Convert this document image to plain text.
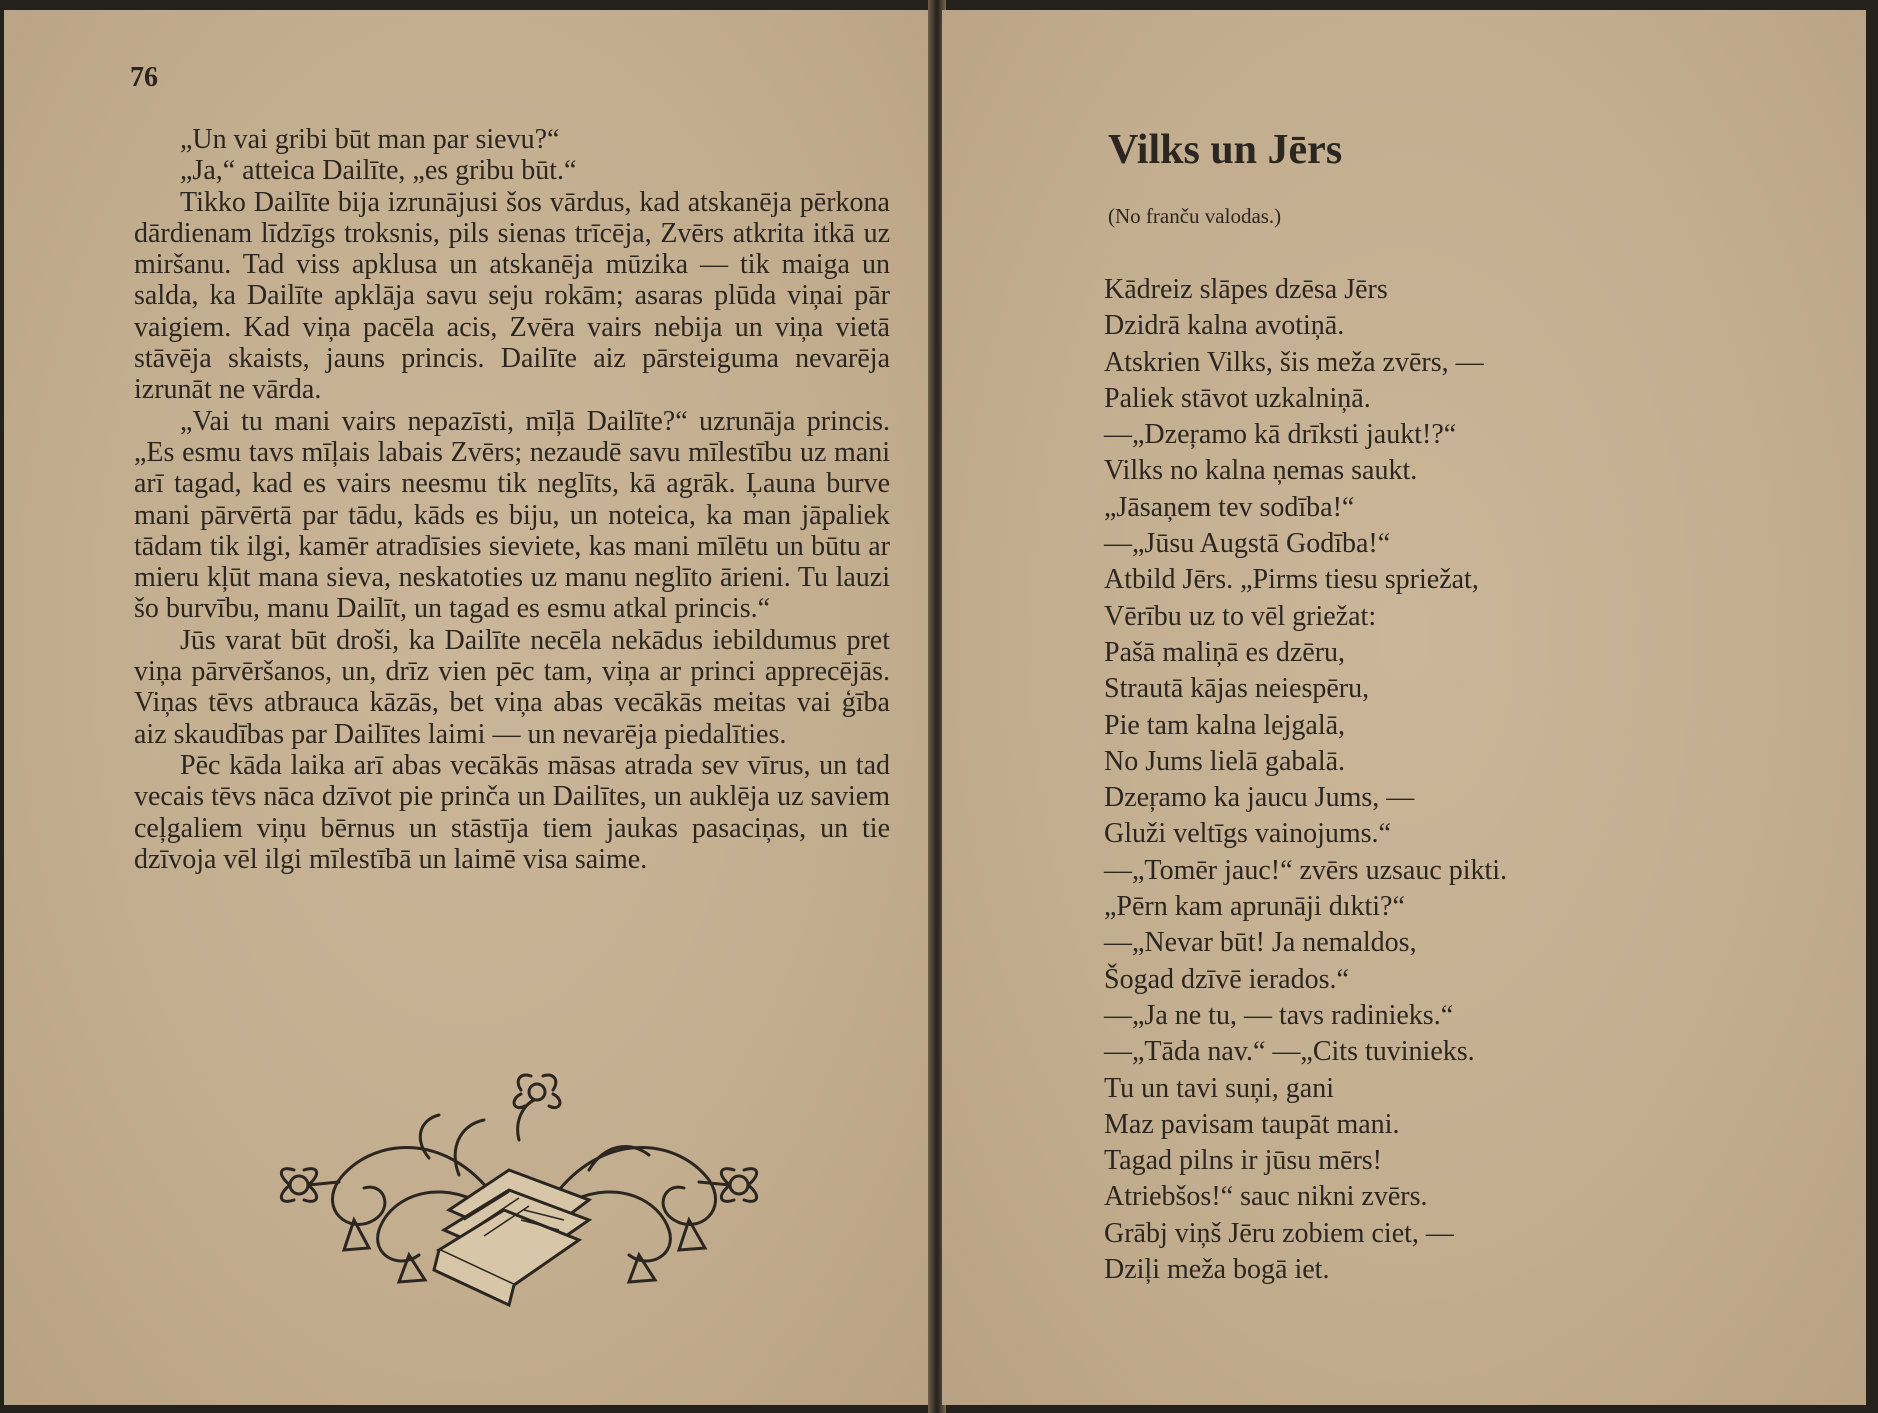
76

„Un vai gribi būt man par sievu?“

„Ja,“ atteica Dailīte, „es gribu būt.“

Tikko Dailīte bija izrunājusi šos vārdus, kad atskanēja pērkona dārdienam līdzīgs troksnis, pils sienas trīcēja, Zvērs atkrita itkā uz miršanu. Tad viss apklusa un atskanēja mūzika — tik maiga un salda, ka Dailīte apklāja savu seju rokām; asaras plūda viņai pār vaigiem. Kad viņa pacēla acis, Zvēra vairs nebija un viņa vietā stāvēja skaists, jauns princis. Dailīte aiz pārsteiguma nevarēja izrunāt ne vārda.

„Vai tu mani vairs nepazīsti, mīļā Dailīte?“ uzrunāja princis. „Es esmu tavs mīļais labais Zvērs; nezaudē savu mīlestību uz mani arī tagad, kad es vairs neesmu tik neglīts, kā agrāk. Ļauna burve mani pārvērtā par tādu, kāds es biju, un noteica, ka man jāpaliek tādam tik ilgi, kamēr atradīsies sieviete, kas mani mīlētu un būtu ar mieru kļūt mana sieva, neskatoties uz manu neglīto ārieni. Tu lauzi šo burvību, manu Dailīt, un tagad es esmu atkal princis.“

Jūs varat būt droši, ka Dailīte necēla nekādus iebildumus pret viņa pārvēršanos, un, drīz vien pēc tam, viņa ar princi apprecējās. Viņas tēvs atbrauca kāzās, bet viņa abas vecākās meitas vai ģība aiz skaudības par Dailītes laimi — un nevarēja piedalīties.

Pēc kāda laika arī abas vecākās māsas atrada sev vīrus, un tad vecais tēvs nāca dzīvot pie prinča un Dailītes, un auklēja uz saviem ceļgaliem viņu bērnus un stāstīja tiem jaukas pasaciņas, un tie dzīvoja vēl ilgi mīlestībā un laimē visa saime.

Vilks un Jērs
(No franču valodas.)
Kādreiz slāpes dzēsa Jērs
Dzidrā kalna avotiņā.
Atskrien Vilks, šis meža zvērs, —
Paliek stāvot uzkalniņā.
—„Dzeŗamo kā drīksti jaukt!?“
Vilks no kalna ņemas saukt.
„Jāsaņem tev sodība!“
—„Jūsu Augstā Godība!“
Atbild Jērs. „Pirms tiesu spriežat,
Vērību uz to vēl griežat:
Pašā maliņā es dzēru,
Strautā kājas neiespēru,
Pie tam kalna lejgalā,
No Jums lielā gabalā.
Dzeŗamo ka jaucu Jums, —
Gluži veltīgs vainojums.“
—„Tomēr jauc!“ zvērs uzsauc pikti.
„Pērn kam aprunāji dıkti?“
—„Nevar būt! Ja nemaldos,
Šogad dzīvē ierados.“
—„Ja ne tu, — tavs radinieks.“
—„Tāda nav.“ —„Cits tuvinieks.
Tu un tavi suņi, gani
Maz pavisam taupāt mani.
Tagad pilns ir jūsu mērs!
Atriebšos!“ sauc nikni zvērs.
Grābj viņš Jēru zobiem ciet, —
Dziļi meža bogā iet.
